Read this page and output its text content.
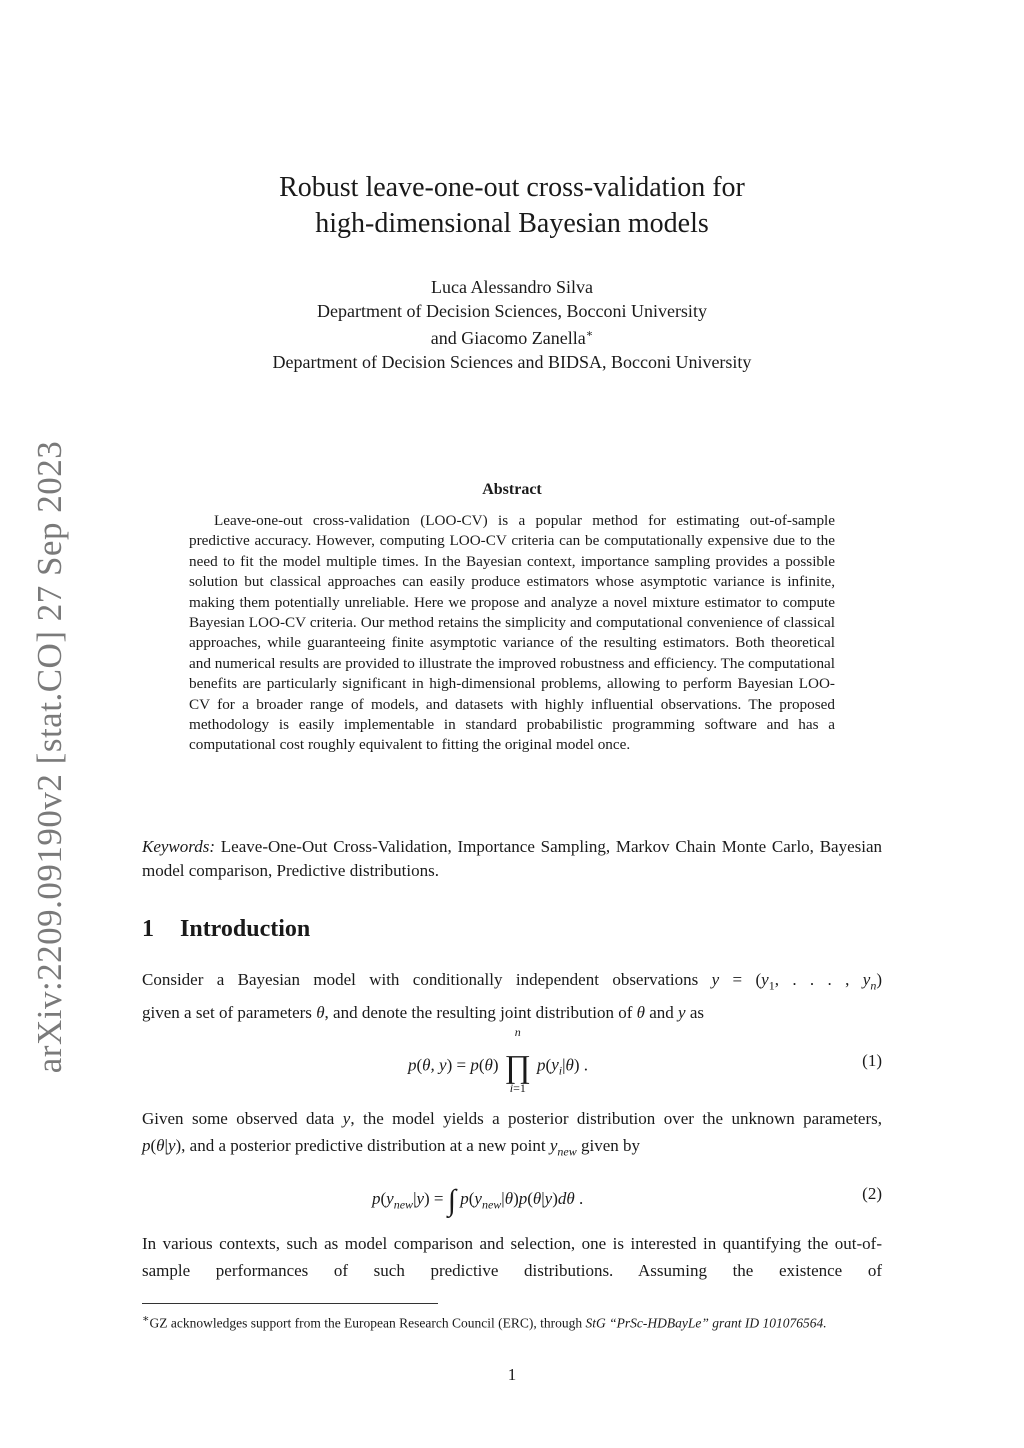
arXiv:2209.09190v2 [stat.CO] 27 Sep 2023
Robust leave-one-out cross-validation for
high-dimensional Bayesian models
Luca Alessandro Silva
Department of Decision Sciences, Bocconi University
and Giacomo Zanella∗
Department of Decision Sciences and BIDSA, Bocconi University
Abstract
Leave-one-out cross-validation (LOO-CV) is a popular method for estimating out-of-sample predictive accuracy. However, computing LOO-CV criteria can be computationally expensive due to the need to fit the model multiple times. In the Bayesian context, importance sampling provides a possible solution but classical approaches can easily produce estimators whose asymptotic variance is infinite, making them potentially unreliable. Here we propose and analyze a novel mixture estimator to compute Bayesian LOO-CV criteria. Our method retains the simplicity and computational convenience of classical approaches, while guaranteeing finite asymptotic variance of the resulting estimators. Both theoretical and numerical results are provided to illustrate the improved robustness and efficiency. The computational benefits are particularly significant in high-dimensional problems, allowing to perform Bayesian LOO-CV for a broader range of models, and datasets with highly influential observations. The proposed methodology is easily implementable in standard probabilistic programming software and has a computational cost roughly equivalent to fitting the original model once.
Keywords: Leave-One-Out Cross-Validation, Importance Sampling, Markov Chain Monte Carlo, Bayesian model comparison, Predictive distributions.
1 Introduction
Consider a Bayesian model with conditionally independent observations $y = (y_1$, . . . , $y_n$)
given a set of parameters θ, and denote the resulting joint distribution of θ and y as
p(θ, y) = p(θ)
n
∏
i=1
$p(y_i|\theta)$ .	(1)
Given some observed data y, the model yields a posterior distribution over the unknown parameters,
p(θ|y), and a posterior predictive distribution at a new point $y_{new}$ given by
$p(y_{new}|y)$ = ∫ $p(y_{new}|\theta)p(\theta|y)d\theta$ .	(2)
In various contexts, such as model comparison and selection, one is interested in quantifying the out-of-sample performances of such predictive distributions. Assuming the existence of
∗GZ acknowledges support from the European Research Council (ERC), through StG “PrSc-HDBayLe” grant ID 101076564.
1
